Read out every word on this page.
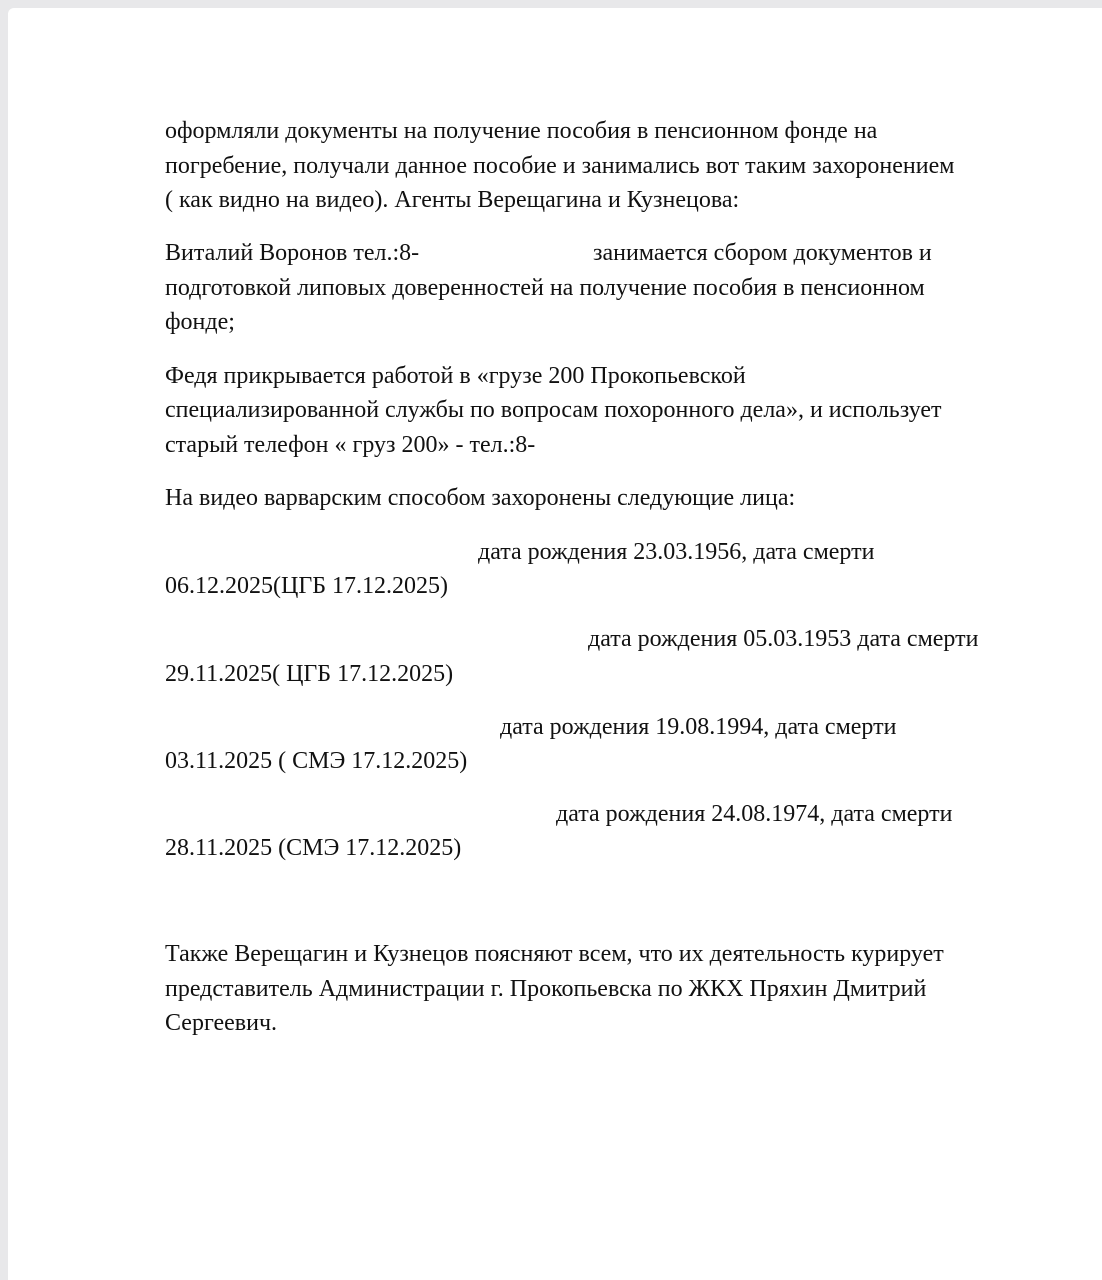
оформляли документы на получение пособия в пенсионном фонде на
погребение, получали данное пособие и занимались вот таким захоронением
( как видно на видео). Агенты Верещагина и Кузнецова:
Виталий Воронов тел.:8-	занимается сбором документов и
подготовкой липовых доверенностей на получение пособия в пенсионном
фонде;
Федя прикрывается работой в «грузе 200 Прокопьевской
специализированной службы по вопросам похоронного дела», и использует
старый телефон « груз 200» - тел.:8-
На видео варварским способом захоронены следующие лица:
дата рождения 23.03.1956, дата смерти
06.12.2025(ЦГБ 17.12.2025)
дата рождения 05.03.1953 дата смерти
29.11.2025( ЦГБ 17.12.2025)
дата рождения 19.08.1994, дата смерти
03.11.2025 ( СМЭ 17.12.2025)
дата рождения 24.08.1974, дата смерти
28.11.2025 (СМЭ 17.12.2025)
Также Верещагин и Кузнецов поясняют всем, что их деятельность курирует
представитель Администрации г. Прокопьевска по ЖКХ Пряхин Дмитрий
Сергеевич.
